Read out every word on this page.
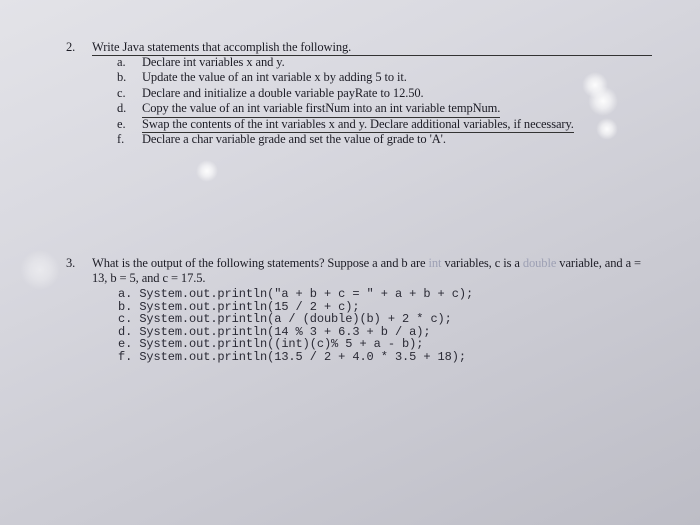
2. Write Java statements that accomplish the following.
a. Declare int variables x and y.
b. Update the value of an int variable x by adding 5 to it.
c. Declare and initialize a double variable payRate to 12.50.
d. Copy the value of an int variable firstNum into an int variable tempNum.
e. Swap the contents of the int variables x and y. Declare additional variables, if necessary.
f. Declare a char variable grade and set the value of grade to 'A'.
3. What is the output of the following statements? Suppose a and b are int variables, c is a double variable, and a =
13, b = 5, and c = 17.5.
a. System.out.println("a + b + c = " + a + b + c);
b. System.out.println(15 / 2 + c);
c. System.out.println(a / (double)(b) + 2 * c);
d. System.out.println(14 % 3 + 6.3 + b / a);
e. System.out.println((int)(c)% 5 + a - b);
f. System.out.println(13.5 / 2 + 4.0 * 3.5 + 18);
